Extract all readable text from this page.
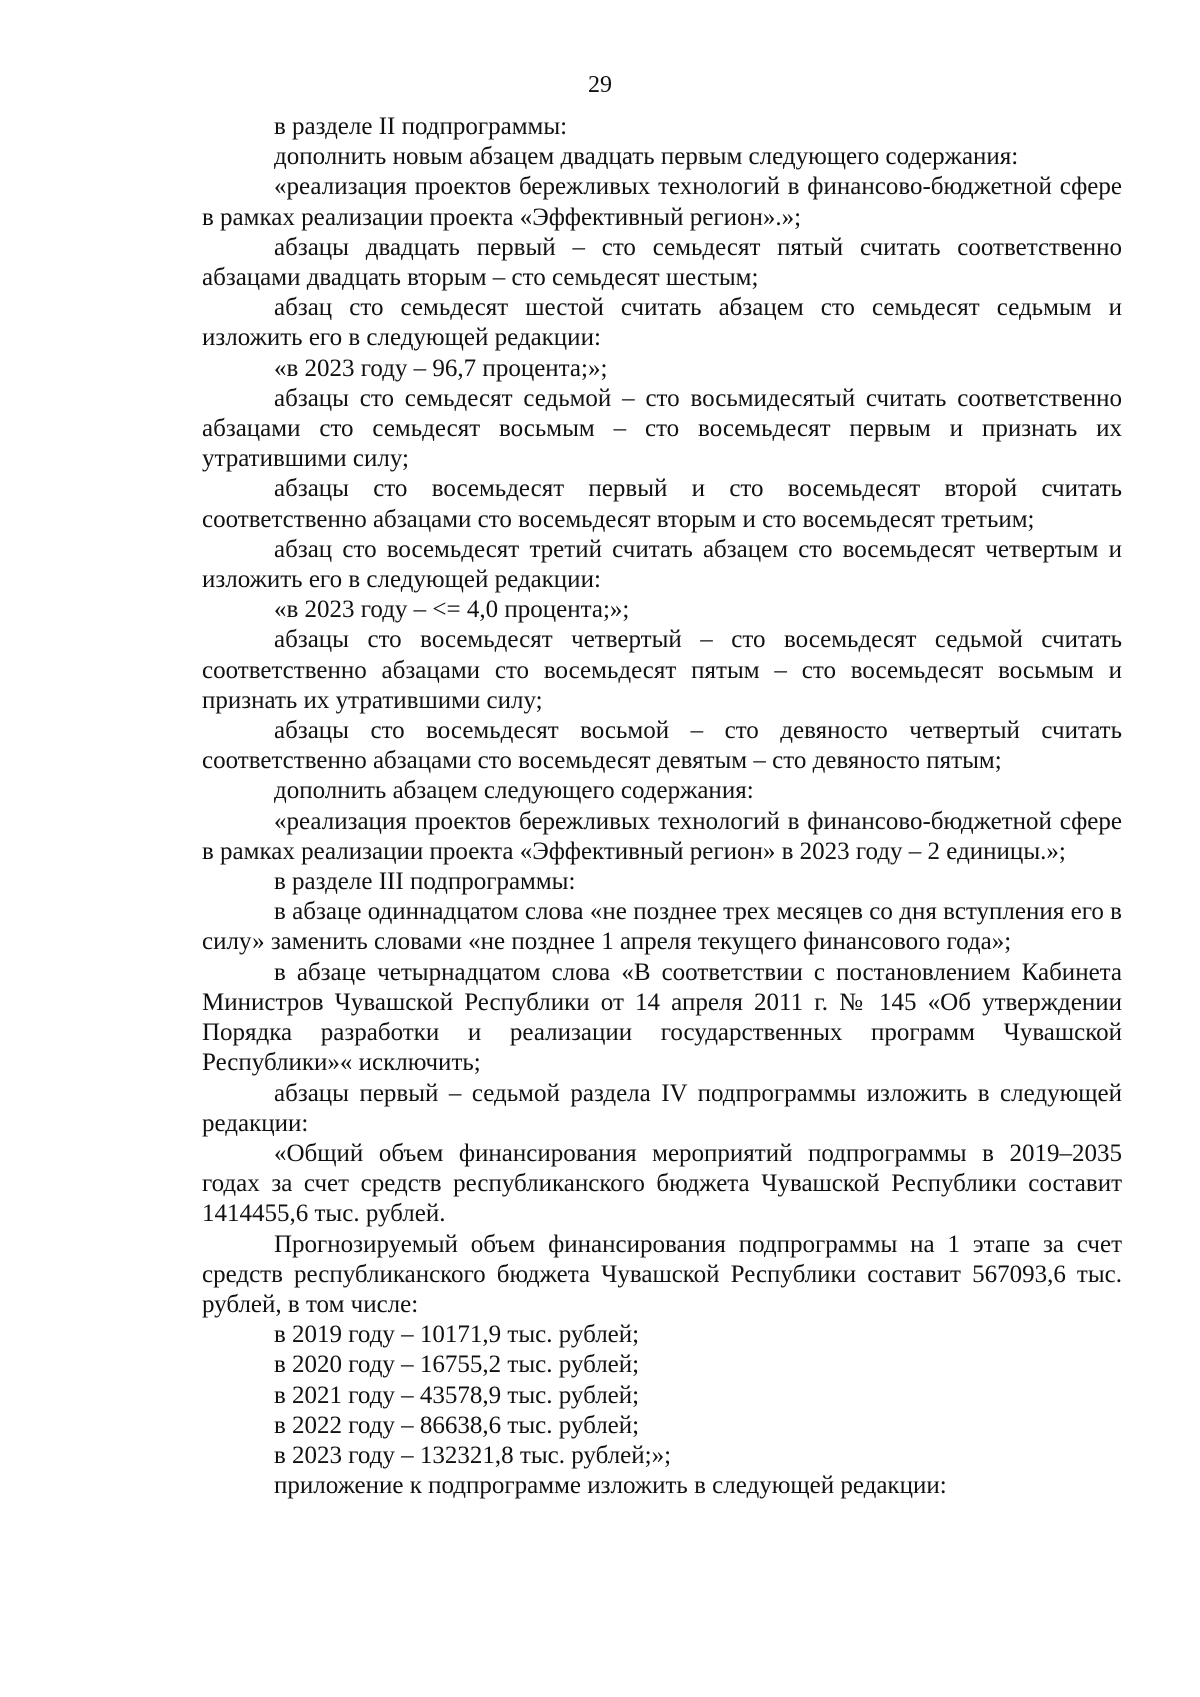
29

в разделе II подпрограммы:

дополнить новым абзацем двадцать первым следующего содержания:

«реализация проектов бережливых технологий в финансово-бюджетной сфере в рамках реализации проекта «Эффективный регион».»;

абзацы двадцать первый – сто семьдесят пятый считать соответственно абзацами двадцать вторым – сто семьдесят шестым;

абзац сто семьдесят шестой считать абзацем сто семьдесят седьмым и изложить его в следующей редакции:

«в 2023 году – 96,7 процента;»;

абзацы сто семьдесят седьмой – сто восьмидесятый считать соответственно абзацами сто семьдесят восьмым – сто восемьдесят первым и признать их утратившими силу;

абзацы сто восемьдесят первый и сто восемьдесят второй считать соответственно абзацами сто восемьдесят вторым и сто восемьдесят третьим;

абзац сто восемьдесят третий считать абзацем сто восемьдесят четвертым и изложить его в следующей редакции:

«в 2023 году – <= 4,0 процента;»;

абзацы сто восемьдесят четвертый – сто восемьдесят седьмой считать соответственно абзацами сто восемьдесят пятым – сто восемьдесят восьмым и признать их утратившими силу;

абзацы сто восемьдесят восьмой – сто девяносто четвертый считать соответственно абзацами сто восемьдесят девятым – сто девяносто пятым;

дополнить абзацем следующего содержания:

«реализация проектов бережливых технологий в финансово-бюджетной сфере в рамках реализации проекта «Эффективный регион» в 2023 году – 2 единицы.»;

в разделе III подпрограммы:

в абзаце одиннадцатом слова «не позднее трех месяцев со дня вступления его в силу» заменить словами «не позднее 1 апреля текущего финансового года»;

в абзаце четырнадцатом слова «В соответствии с постановлением Кабинета Министров Чувашской Республики от 14 апреля 2011 г. № 145 «Об утверждении Порядка разработки и реализации государственных программ Чувашской Республики»« исключить;

абзацы первый – седьмой раздела IV подпрограммы изложить в следующей редакции:

«Общий объем финансирования мероприятий подпрограммы в 2019–2035 годах за счет средств республиканского бюджета Чувашской Республики составит 1414455,6 тыс. рублей.

Прогнозируемый объем финансирования подпрограммы на 1 этапе за счет средств республиканского бюджета Чувашской Республики составит 567093,6 тыс. рублей, в том числе:

в 2019 году – 10171,9 тыс. рублей;

в 2020 году – 16755,2 тыс. рублей;

в 2021 году – 43578,9 тыс. рублей;

в 2022 году – 86638,6 тыс. рублей;

в 2023 году – 132321,8 тыс. рублей;»;

приложение к подпрограмме изложить в следующей редакции:
